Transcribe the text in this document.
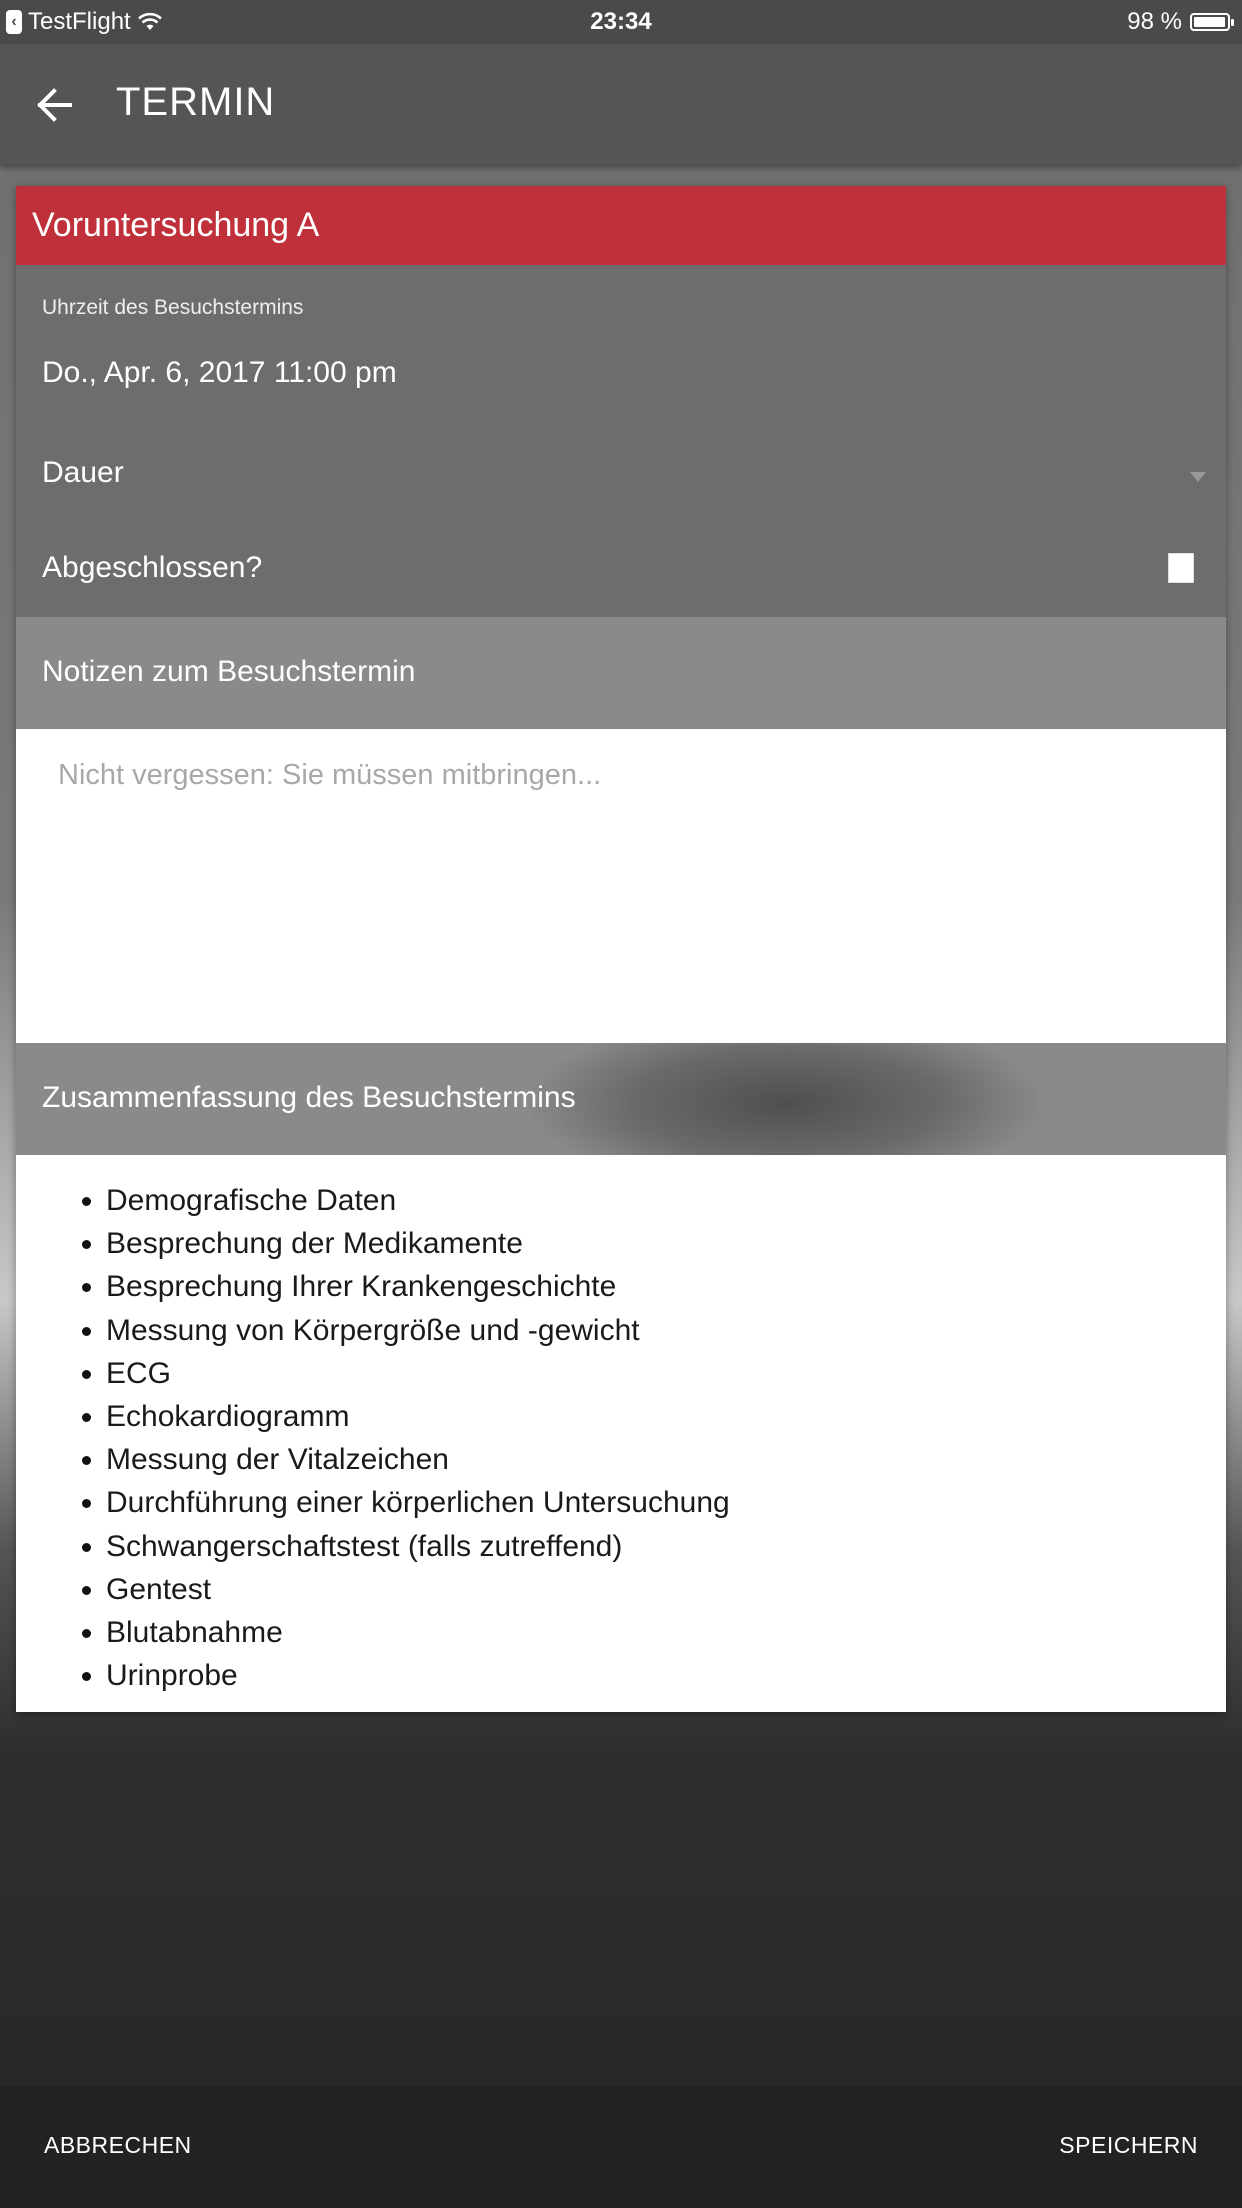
‹ TestFlight	23:34	98 %
TERMIN
Voruntersuchung A
Uhrzeit des Besuchstermins
Do., Apr. 6, 2017 11:00 pm
Dauer
Abgeschlossen?
Notizen zum Besuchstermin
Nicht vergessen: Sie müssen mitbringen...
Zusammenfassung des Besuchstermins
Demografische Daten
Besprechung der Medikamente
Besprechung Ihrer Krankengeschichte
Messung von Körpergröße und -gewicht
ECG
Echokardiogramm
Messung der Vitalzeichen
Durchführung einer körperlichen Untersuchung
Schwangerschaftstest (falls zutreffend)
Gentest
Blutabnahme
Urinprobe
ABBRECHEN	SPEICHERN
